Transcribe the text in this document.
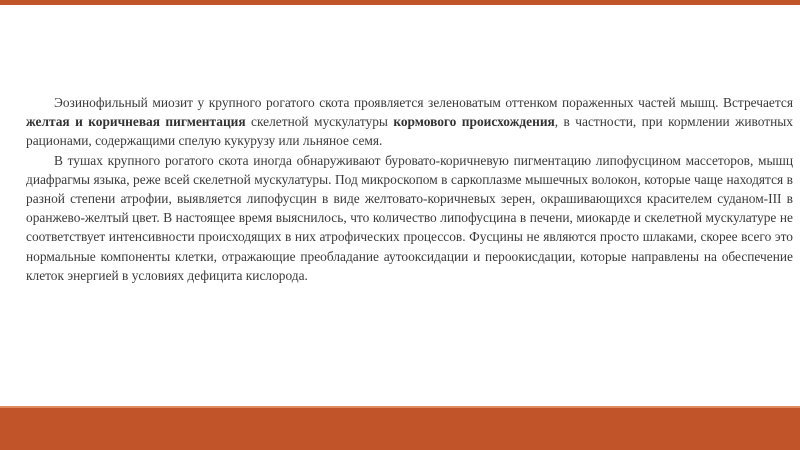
Эозинофильный миозит у крупного рогатого скота проявляется зеленоватым оттенком пораженных частей мышц. Встречается желтая и коричневая пигментация скелетной мускулатуры кормового происхождения, в частности, при кормлении животных рационами, содержащими спелую кукурузу или льняное семя.

В тушах крупного рогатого скота иногда обнаруживают буровато-коричневую пигментацию липофусцином массеторов, мышц диафрагмы языка, реже всей скелетной мускулатуры. Под микроскопом в саркоплазме мышечных волокон, которые чаще находятся в разной степени атрофии, выявляется липофусцин в виде желтовато-коричневых зерен, окрашивающихся красителем суданом-III в оранжево-желтый цвет. В настоящее время выяснилось, что количество липофусцина в печени, миокарде и скелетной мускулатуре не соответствует интенсивности происходящих в них атрофических процессов. Фусцины не являются просто шлаками, скорее всего это нормальные компоненты клетки, отражающие преобладание аутооксидации и пероокисдации, которые направлены на обеспечение клеток энергией в условиях дефицита кислорода.
